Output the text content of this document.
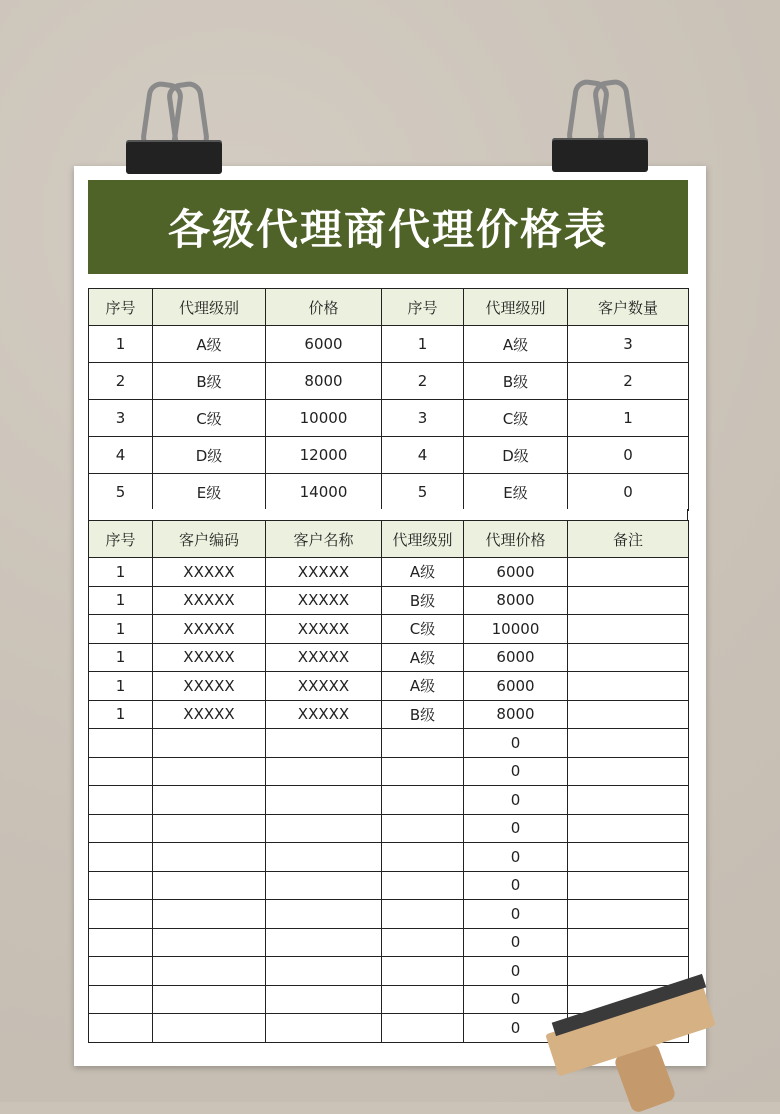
各级代理商代理价格表
序号	代理级别	价格	序号	代理级别	客户数量
1	A级	6000	1	A级	3
2	B级	8000	2	B级	2
3	C级	10000	3	C级	1
4	D级	12000	4	D级	0
5	E级	14000	5	E级	0
序号	客户编码	客户名称	代理级别	代理价格	备注
1	XXXXX	XXXXX	A级	6000	
1	XXXXX	XXXXX	B级	8000	
1	XXXXX	XXXXX	C级	10000	
1	XXXXX	XXXXX	A级	6000	
1	XXXXX	XXXXX	A级	6000	
1	XXXXX	XXXXX	B级	8000	
				0	
				0	
				0	
				0	
				0	
				0	
				0	
				0	
				0	
				0	
				0	
